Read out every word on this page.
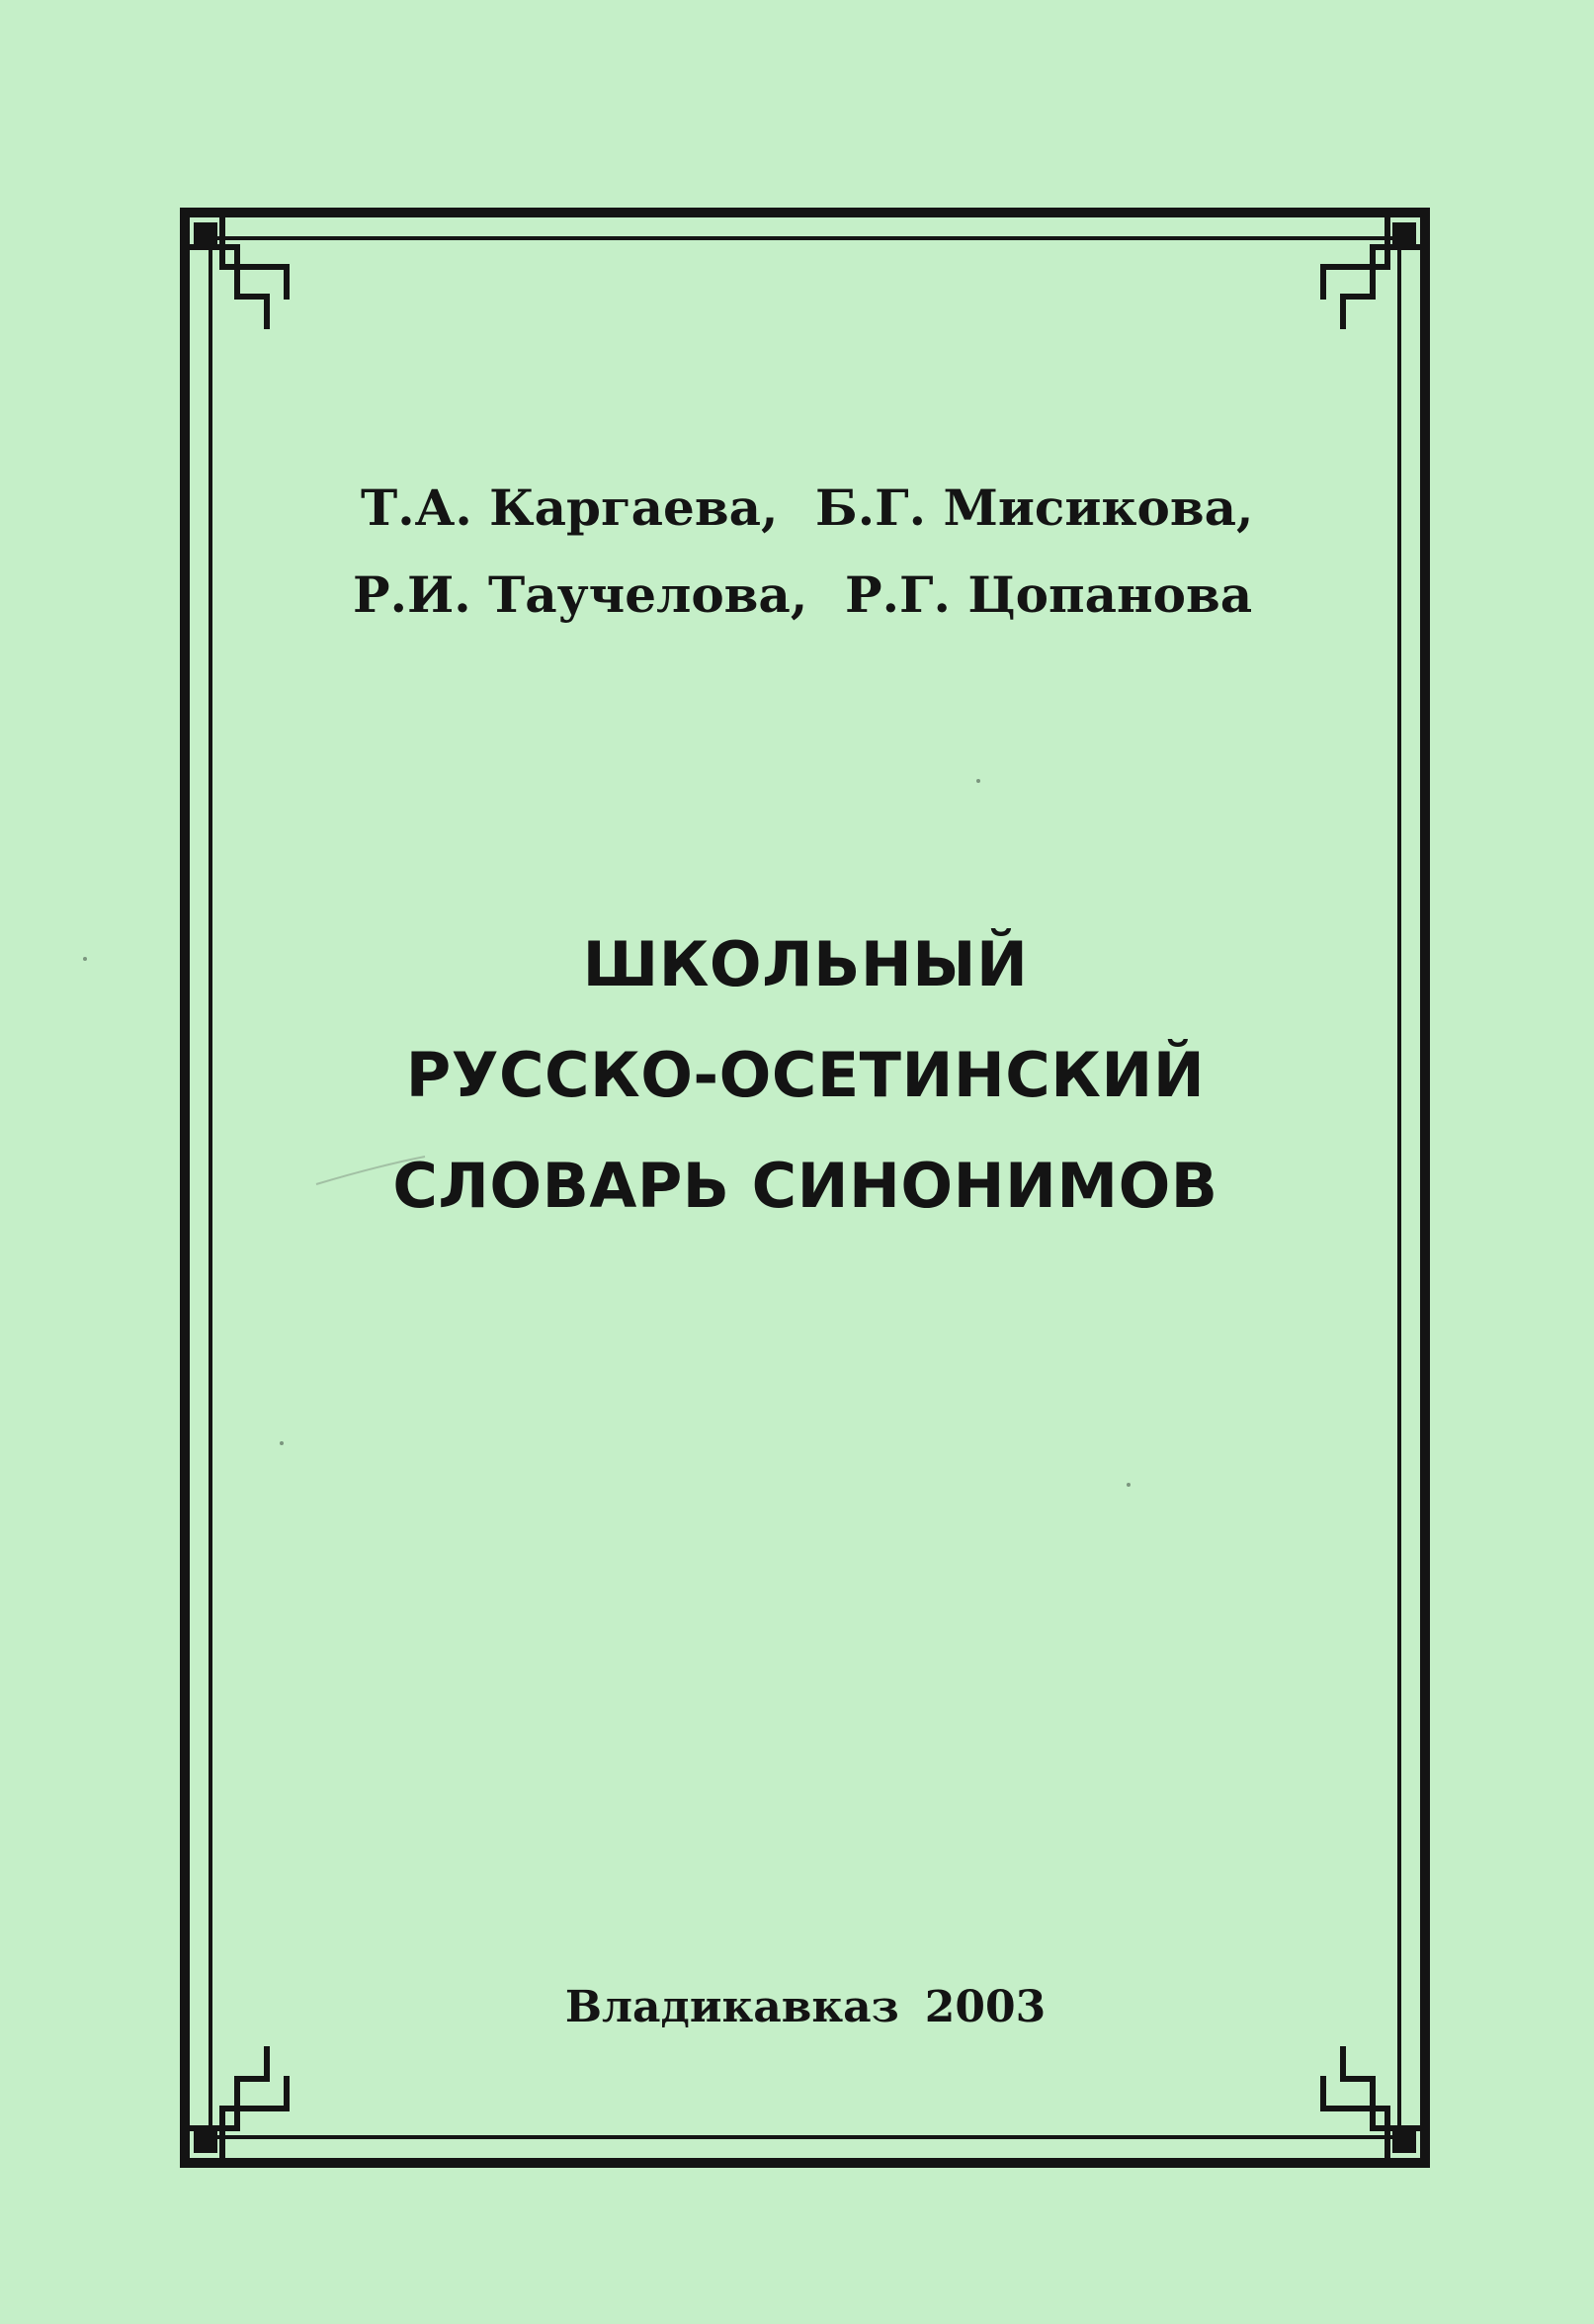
Т.А. Каргаева, Б.Г. Мисикова,
Р.И. Таучелова, Р.Г. Цопанова
ШКОЛЬНЫЙ
РУССКО-ОСЕТИНСКИЙ
СЛОВАРЬ СИНОНИМОВ
Владикавказ 2003
